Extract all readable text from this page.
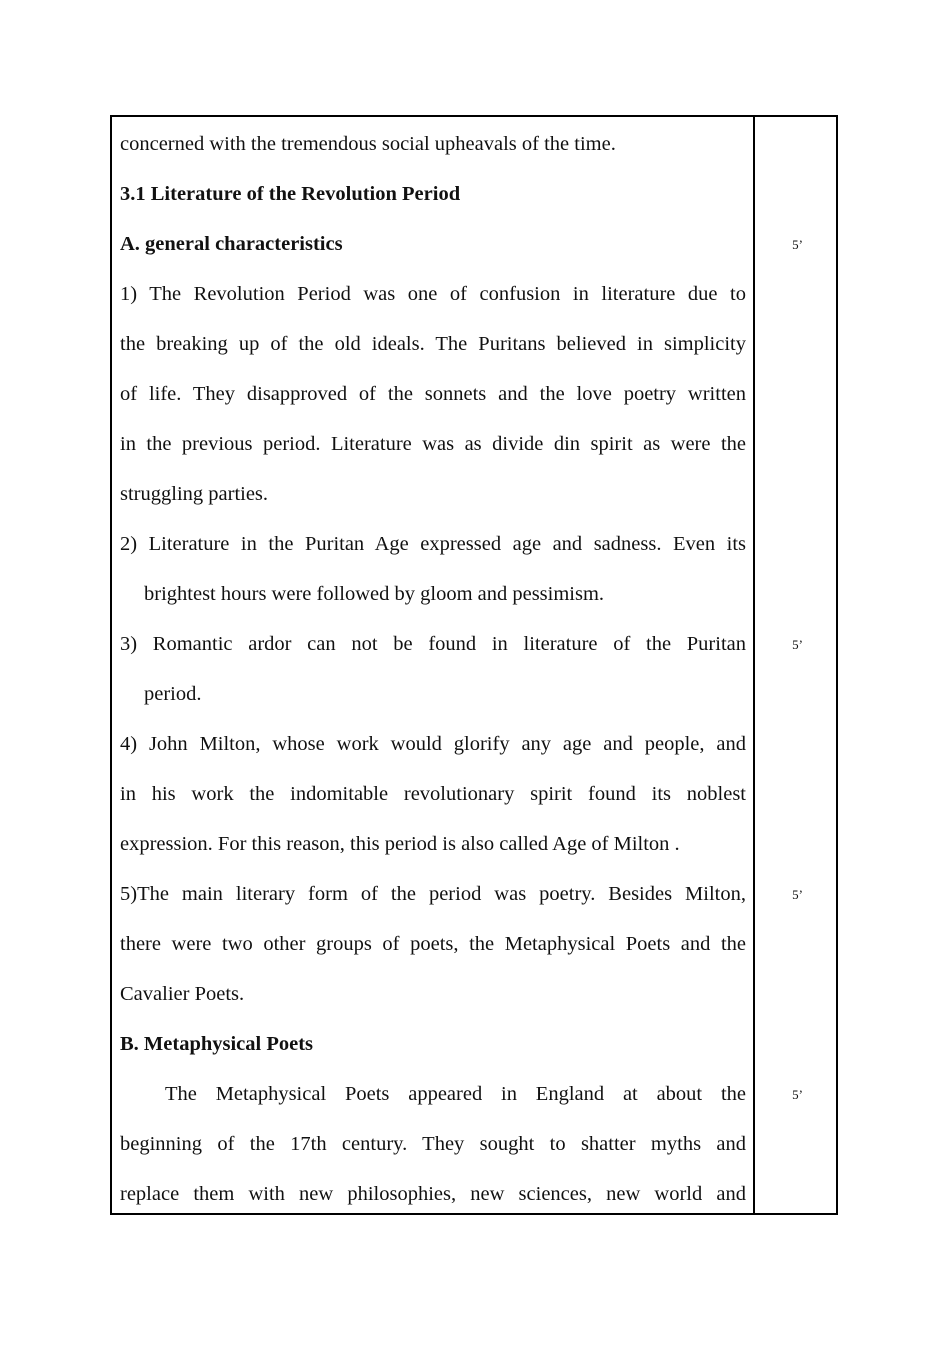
concerned with the tremendous social upheavals of the time.
3.1 Literature of the Revolution Period
A. general characteristics
1) The Revolution Period was one of confusion in literature due to
the breaking up of the old ideals. The Puritans believed in simplicity
of life. They disapproved of the sonnets and the love poetry written
in the previous period. Literature was as divide din spirit as were the
struggling parties.
2) Literature in the Puritan Age expressed age and sadness. Even its
brightest hours were followed by gloom and pessimism.
3) Romantic ardor can not be found in literature of the Puritan
period.
4) John Milton, whose work would glorify any age and people, and
in his work the indomitable revolutionary spirit found its noblest
expression. For this reason, this period is also called Age of Milton .
5)The main literary form of the period was poetry. Besides Milton,
there were two other groups of poets, the Metaphysical Poets and the
Cavalier Poets.
B. Metaphysical Poets
The Metaphysical Poets appeared in England at about the
beginning of the 17th century. They sought to shatter myths and
replace them with new philosophies, new sciences, new world and
5’
5’
5’
5’
